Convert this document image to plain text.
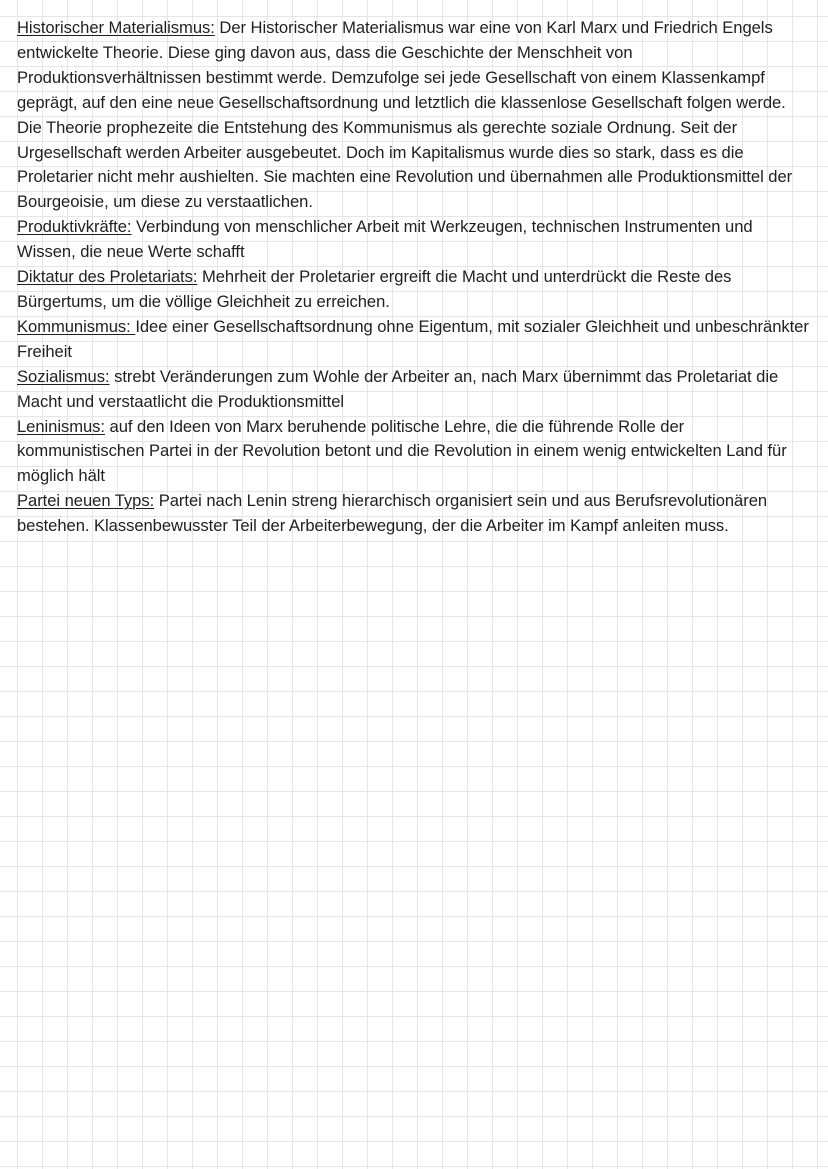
Historischer Materialismus: Der Historischer Materialismus war eine von Karl Marx und Friedrich Engels entwickelte Theorie. Diese ging davon aus, dass die Geschichte der Menschheit von Produktionsverhältnissen bestimmt werde. Demzufolge sei jede Gesellschaft von einem Klassenkampf geprägt, auf den eine neue Gesellschaftsordnung und letztlich die klassenlose Gesellschaft folgen werde. Die Theorie prophezeite die Entstehung des Kommunismus als gerechte soziale Ordnung. Seit der Urgesellschaft werden Arbeiter ausgebeutet. Doch im Kapitalismus wurde dies so stark, dass es die Proletarier nicht mehr aushielten. Sie machten eine Revolution und übernahmen alle Produktionsmittel der Bourgeoisie, um diese zu verstaatlichen.

Produktivkräfte: Verbindung von menschlicher Arbeit mit Werkzeugen, technischen Instrumenten und Wissen, die neue Werte schafft

Diktatur des Proletariats: Mehrheit der Proletarier ergreift die Macht und unterdrückt die Reste des Bürgertums, um die völlige Gleichheit zu erreichen.

Kommunismus: Idee einer Gesellschaftsordnung ohne Eigentum, mit sozialer Gleichheit und unbeschränkter Freiheit

Sozialismus: strebt Veränderungen zum Wohle der Arbeiter an, nach Marx übernimmt das Proletariat die Macht und verstaatlicht die Produktionsmittel

Leninismus: auf den Ideen von Marx beruhende politische Lehre, die die führende Rolle der kommunistischen Partei in der Revolution betont und die Revolution in einem wenig entwickelten Land für möglich hält

Partei neuen Typs: Partei nach Lenin streng hierarchisch organisiert sein und aus Berufsrevolutionären bestehen. Klassenbewusster Teil der Arbeiterbewegung, der die Arbeiter im Kampf anleiten muss.
